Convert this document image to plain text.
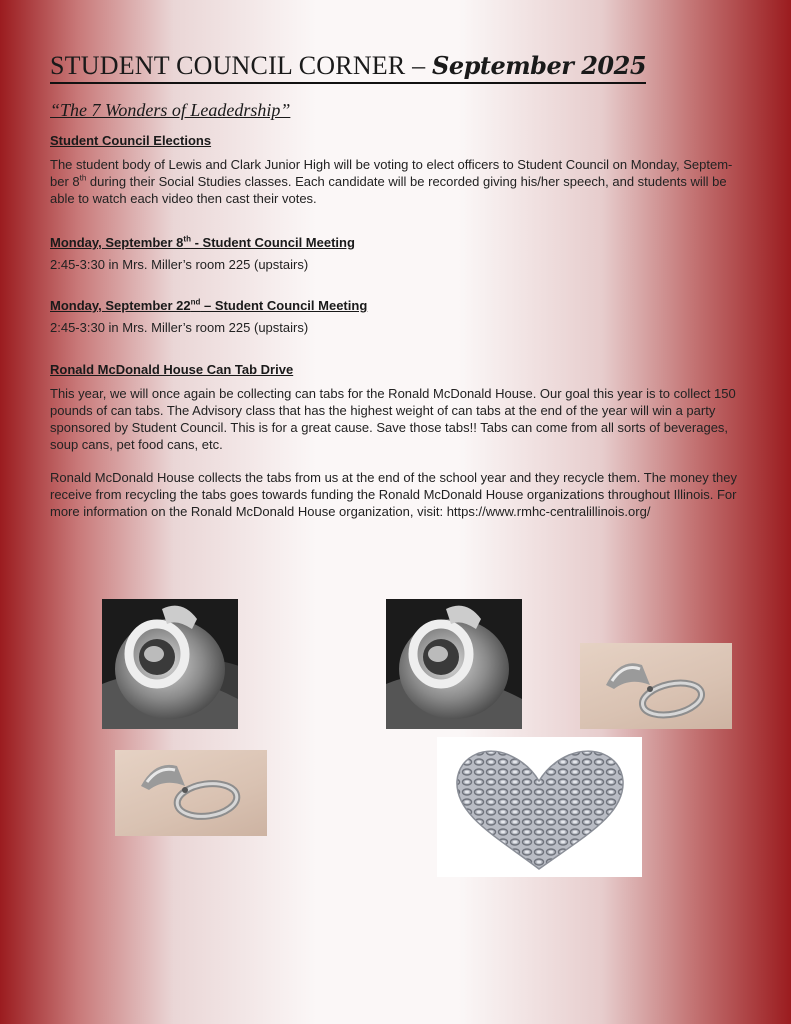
STUDENT COUNCIL CORNER – September 2025
“The 7 Wonders of Leadedrship”
Student Council Elections
The student body of Lewis and Clark Junior High will be voting to elect officers to Student Council on Monday, Septem-ber 8th during their Social Studies classes. Each candidate will be recorded giving his/her speech, and students will be able to watch each video then cast their votes.
Monday, September 8th - Student Council Meeting
2:45-3:30 in Mrs. Miller’s room 225 (upstairs)
Monday, September 22nd – Student Council Meeting
2:45-3:30 in Mrs. Miller’s room 225 (upstairs)
Ronald McDonald House Can Tab Drive
This year, we will once again be collecting can tabs for the Ronald McDonald House. Our goal this year is to collect 150 pounds of can tabs. The Advisory class that has the highest weight of can tabs at the end of the year will win a party sponsored by Student Council. This is for a great cause. Save those tabs!! Tabs can come from all sorts of beverages, soup cans, pet food cans, etc.
Ronald McDonald House collects the tabs from us at the end of the school year and they recycle them. The money they receive from recycling the tabs goes towards funding the Ronald McDonald House organizations throughout Illinois. For more information on the Ronald McDonald House organization, visit: https://www.rmhc-centralillinois.org/
